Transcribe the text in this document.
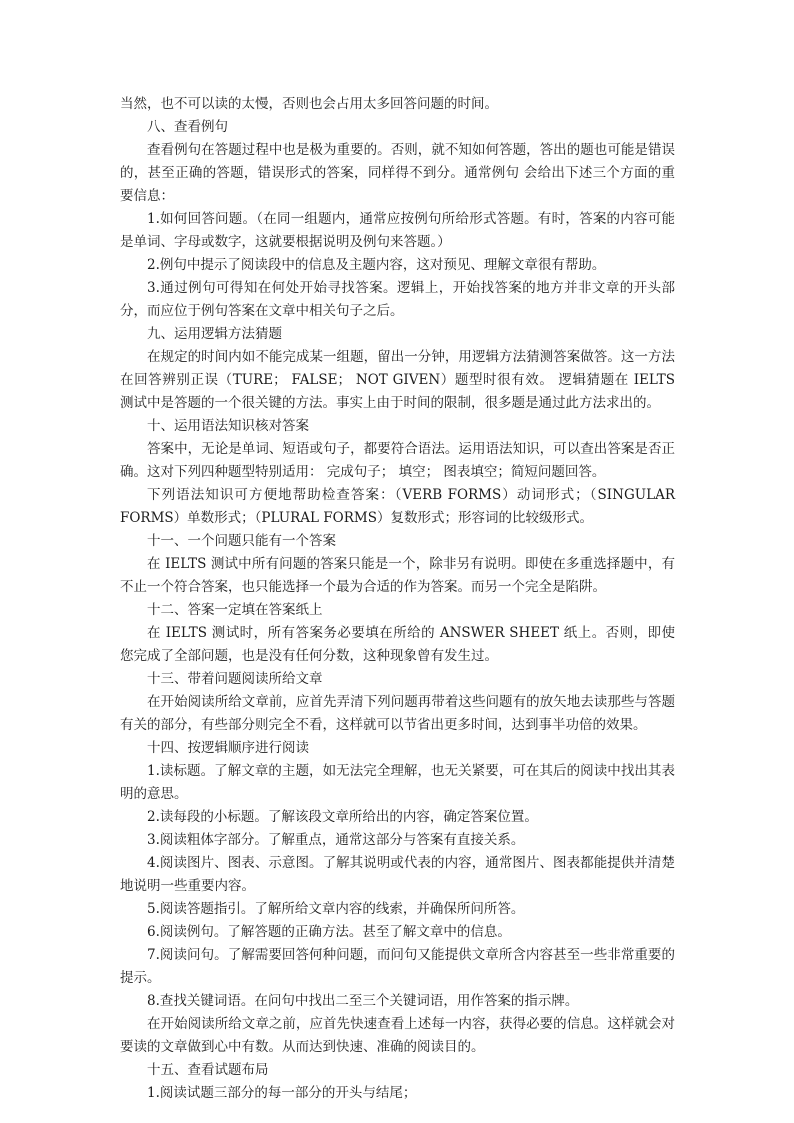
当然，也不可以读的太慢，否则也会占用太多回答问题的时间。

八、查看例句

查看例句在答题过程中也是极为重要的。否则，就不知如何答题，答出的题也可能是错误的，甚至正确的答题，错误形式的答案，同样得不到分。通常例句 会给出下述三个方面的重要信息：

1.如何回答问题。（在同一组题内，通常应按例句所给形式答题。有时，答案的内容可能是单词、字母或数字，这就要根据说明及例句来答题。）

2.例句中提示了阅读段中的信息及主题内容，这对预见、理解文章很有帮助。

3.通过例句可得知在何处开始寻找答案。逻辑上，开始找答案的地方并非文章的开头部分，而应位于例句答案在文章中相关句子之后。

九、运用逻辑方法猜题

在规定的时间内如不能完成某一组题，留出一分钟，用逻辑方法猜测答案做答。这一方法在回答辨别正误（TURE； FALSE； NOT GIVEN）题型时很有效。 逻辑猜题在 IELTS 测试中是答题的一个很关键的方法。事实上由于时间的限制，很多题是通过此方法求出的。

十、运用语法知识核对答案

答案中，无论是单词、短语或句子，都要符合语法。运用语法知识，可以查出答案是否正确。这对下列四种题型特别适用： 完成句子； 填空； 图表填空；简短问题回答。

下列语法知识可方便地帮助检查答案：（VERB FORMS）动词形式；（SINGULAR FORMS）单数形式；（PLURAL FORMS）复数形式；形容词的比较级形式。

十一、一个问题只能有一个答案

在 IELTS 测试中所有问题的答案只能是一个，除非另有说明。即使在多重选择题中，有不止一个符合答案，也只能选择一个最为合适的作为答案。而另一个完全是陷阱。

十二、答案一定填在答案纸上

在 IELTS 测试时，所有答案务必要填在所给的 ANSWER SHEET 纸上。否则，即使您完成了全部问题，也是没有任何分数，这种现象曾有发生过。

十三、带着问题阅读所给文章

在开始阅读所给文章前，应首先弄清下列问题再带着这些问题有的放矢地去读那些与答题有关的部分，有些部分则完全不看，这样就可以节省出更多时间，达到事半功倍的效果。

十四、按逻辑顺序进行阅读

1.读标题。了解文章的主题，如无法完全理解，也无关紧要，可在其后的阅读中找出其表明的意思。

2.读每段的小标题。了解该段文章所给出的内容，确定答案位置。

3.阅读粗体字部分。了解重点，通常这部分与答案有直接关系。

4.阅读图片、图表、示意图。了解其说明或代表的内容，通常图片、图表都能提供并清楚地说明一些重要内容。

5.阅读答题指引。了解所给文章内容的线索，并确保所问所答。

6.阅读例句。了解答题的正确方法。甚至了解文章中的信息。

7.阅读问句。了解需要回答何种问题，而问句又能提供文章所含内容甚至一些非常重要的提示。

8.查找关键词语。在问句中找出二至三个关键词语，用作答案的指示牌。

在开始阅读所给文章之前，应首先快速查看上述每一内容，获得必要的信息。这样就会对要读的文章做到心中有数。从而达到快速、准确的阅读目的。

十五、查看试题布局

1.阅读试题三部分的每一部分的开头与结尾；
